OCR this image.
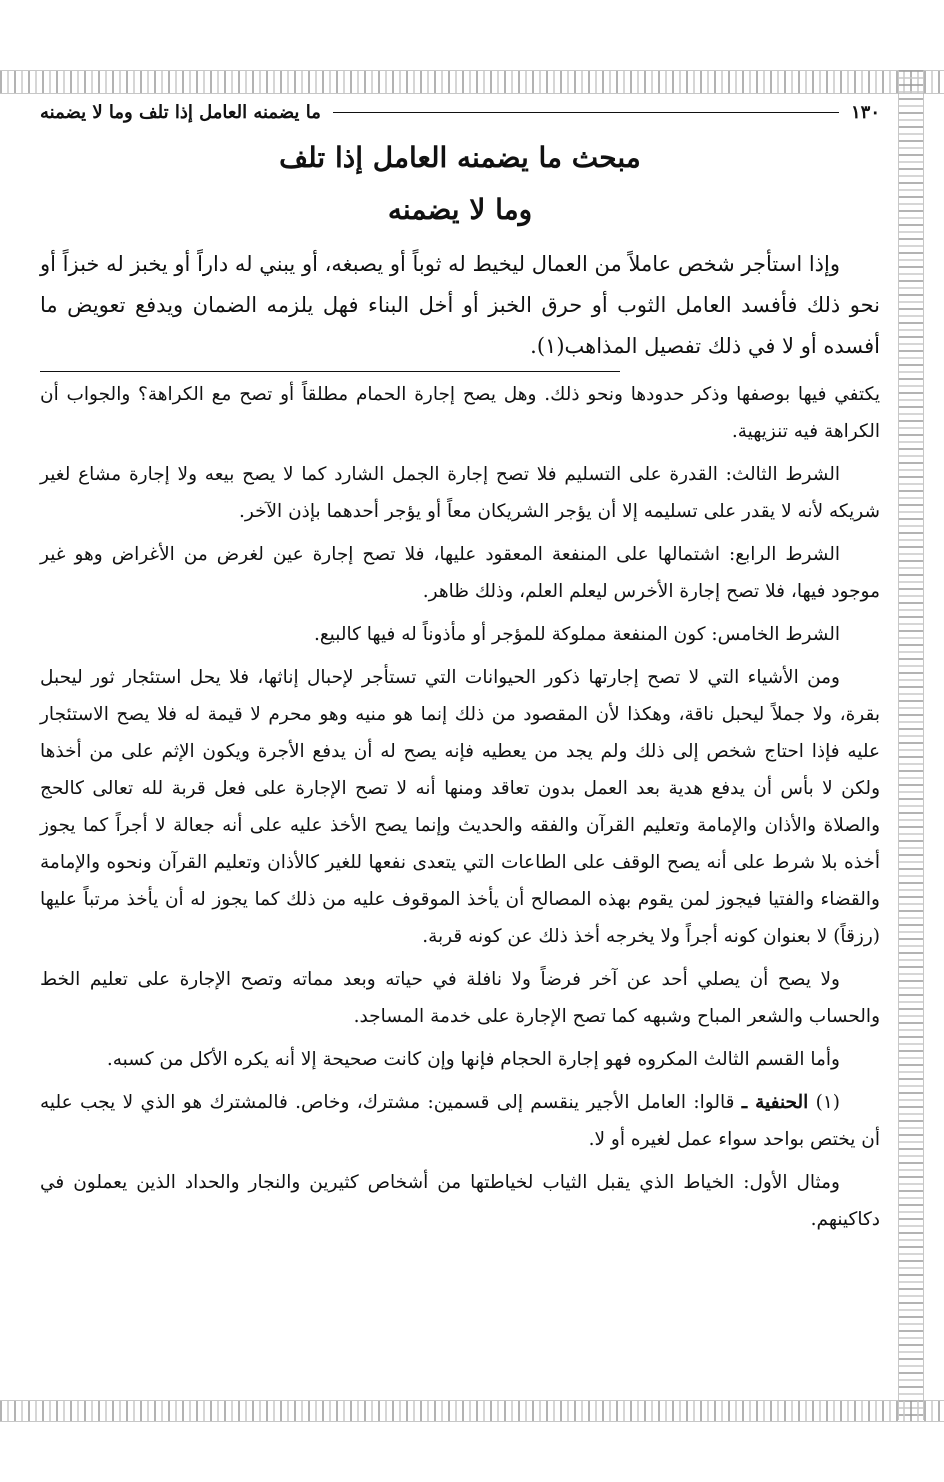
١٣٠
ما يضمنه العامل إذا تلف وما لا يضمنه
مبحث ما يضمنه العامل إذا تلف
وما لا يضمنه

وإذا استأجر شخص عاملاً من العمال ليخيط له ثوباً أو يصبغه، أو يبني له داراً أو يخبز له خبزاً أو نحو ذلك فأفسد العامل الثوب أو حرق الخبز أو أخل البناء فهل يلزمه الضمان ويدفع تعويض ما أفسده أو لا في ذلك تفصيل المذاهب(١).

يكتفي فيها بوصفها وذكر حدودها ونحو ذلك. وهل يصح إجارة الحمام مطلقاً أو تصح مع الكراهة؟ والجواب أن الكراهة فيه تنزيهية.

الشرط الثالث: القدرة على التسليم فلا تصح إجارة الجمل الشارد كما لا يصح بيعه ولا إجارة مشاع لغير شريكه لأنه لا يقدر على تسليمه إلا أن يؤجر الشريكان معاً أو يؤجر أحدهما بإذن الآخر.

الشرط الرابع: اشتمالها على المنفعة المعقود عليها، فلا تصح إجارة عين لغرض من الأغراض وهو غير موجود فيها، فلا تصح إجارة الأخرس ليعلم العلم، وذلك ظاهر.

الشرط الخامس: كون المنفعة مملوكة للمؤجر أو مأذوناً له فيها كالبيع.

ومن الأشياء التي لا تصح إجارتها ذكور الحيوانات التي تستأجر لإحبال إناثها، فلا يحل استئجار ثور ليحبل بقرة، ولا جملاً ليحبل ناقة، وهكذا لأن المقصود من ذلك إنما هو منيه وهو محرم لا قيمة له فلا يصح الاستئجار عليه فإذا احتاج شخص إلى ذلك ولم يجد من يعطيه فإنه يصح له أن يدفع الأجرة ويكون الإثم على من أخذها ولكن لا بأس أن يدفع هدية بعد العمل بدون تعاقد ومنها أنه لا تصح الإجارة على فعل قربة لله تعالى كالحج والصلاة والأذان والإمامة وتعليم القرآن والفقه والحديث وإنما يصح الأخذ عليه على أنه جعالة لا أجراً كما يجوز أخذه بلا شرط على أنه يصح الوقف على الطاعات التي يتعدى نفعها للغير كالأذان وتعليم القرآن ونحوه والإمامة والقضاء والفتيا فيجوز لمن يقوم بهذه المصالح أن يأخذ الموقوف عليه من ذلك كما يجوز له أن يأخذ مرتباً عليها (رزقاً) لا بعنوان كونه أجراً ولا يخرجه أخذ ذلك عن كونه قربة.

ولا يصح أن يصلي أحد عن آخر فرضاً ولا نافلة في حياته وبعد مماته وتصح الإجارة على تعليم الخط والحساب والشعر المباح وشبهه كما تصح الإجارة على خدمة المساجد.

وأما القسم الثالث المكروه فهو إجارة الحجام فإنها وإن كانت صحيحة إلا أنه يكره الأكل من كسبه.

(١) الحنفية ـ قالوا: العامل الأجير ينقسم إلى قسمين: مشترك، وخاص. فالمشترك هو الذي لا يجب عليه أن يختص بواحد سواء عمل لغيره أو لا.

ومثال الأول: الخياط الذي يقبل الثياب لخياطتها من أشخاص كثيرين والنجار والحداد الذين يعملون في دكاكينهم.
